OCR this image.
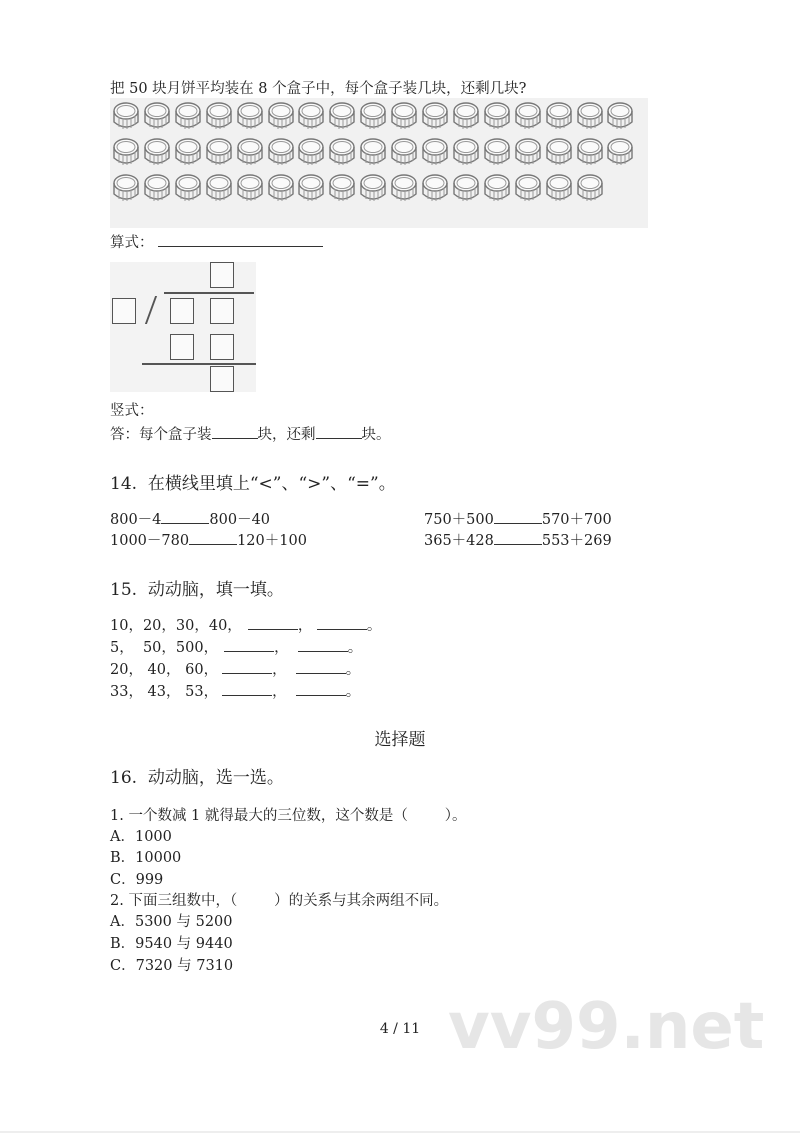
把 50 块月饼平均装在 8 个盒子中，每个盒子装几块，还剩几块?
算式：
竖式：
答：每个盒子装	块，还剩	块。
14.  在横线里填上“<”、“>”、“=”。
800－4	800－40	750＋500	570＋700
1000－780	120＋100	365＋428	553＋269
15.  动动脑，填一填。
10，20，30，40，	，	。
5，  50，500，	，	。
20， 40， 60，	，	。
33， 43， 53，	，	。
选择题
16.  动动脑，选一选。
1. 一个数减 1 就得最大的三位数，这个数是（        ）。
A．1000
B．10000
C．999
2. 下面三组数中，（        ）的关系与其余两组不同。
A．5300 与 5200
B．9540 与 9440
C．7320 与 7310
vv99.net
4 / 11
